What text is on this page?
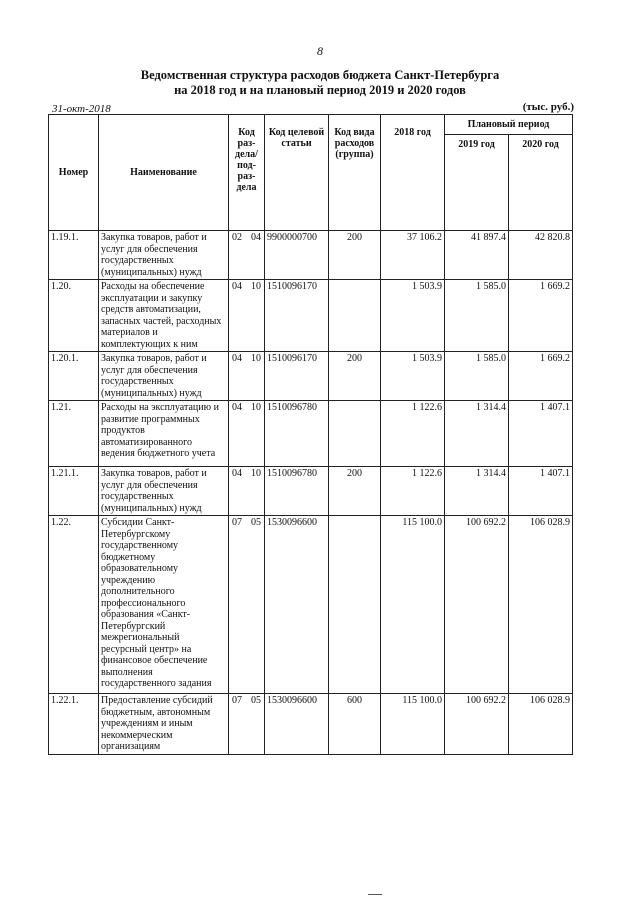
8
Ведомственная структура расходов бюджета Санкт-Петербурга
на 2018 год и на плановый период 2019 и 2020 годов
31-окт-2018	(тыс. руб.)
Номер	Наименование	Код раз- дела/ под- раз- дела	Код целевой статьи	Код вида расходов (группа)	2018 год	Плановый период	
						2019 год	2020 год
1.19.1.	Закупка товаров, работ и услуг для обеспечения государственных (муниципальных) нужд	02 04	9900000700	200	37 106.2	41 897.4	42 820.8
1.20.	Расходы на обеспечение эксплуатации и закупку средств автоматизации, запасных частей, расходных материалов и комплектующих к ним	04 10	1510096170		1 503.9	1 585.0	1 669.2
1.20.1.	Закупка товаров, работ и услуг для обеспечения государственных (муниципальных) нужд	04 10	1510096170	200	1 503.9	1 585.0	1 669.2
1.21.	Расходы на эксплуатацию и развитие программных продуктов автоматизированного ведения бюджетного учета	04 10	1510096780		1 122.6	1 314.4	1 407.1
1.21.1.	Закупка товаров, работ и услуг для обеспечения государственных (муниципальных) нужд	04 10	1510096780	200	1 122.6	1 314.4	1 407.1
1.22.	Субсидии Санкт-Петербургскому государственному бюджетному образовательному учреждению дополнительного профессионального образования «Санкт-Петербургский межрегиональный ресурсный центр» на финансовое обеспечение выполнения государственного задания	07 05	1530096600		115 100.0	100 692.2	106 028.9
1.22.1.	Предоставление субсидий бюджетным, автономным учреждениям и иным некоммерческим организациям	07 05	1530096600	600	115 100.0	100 692.2	106 028.9
